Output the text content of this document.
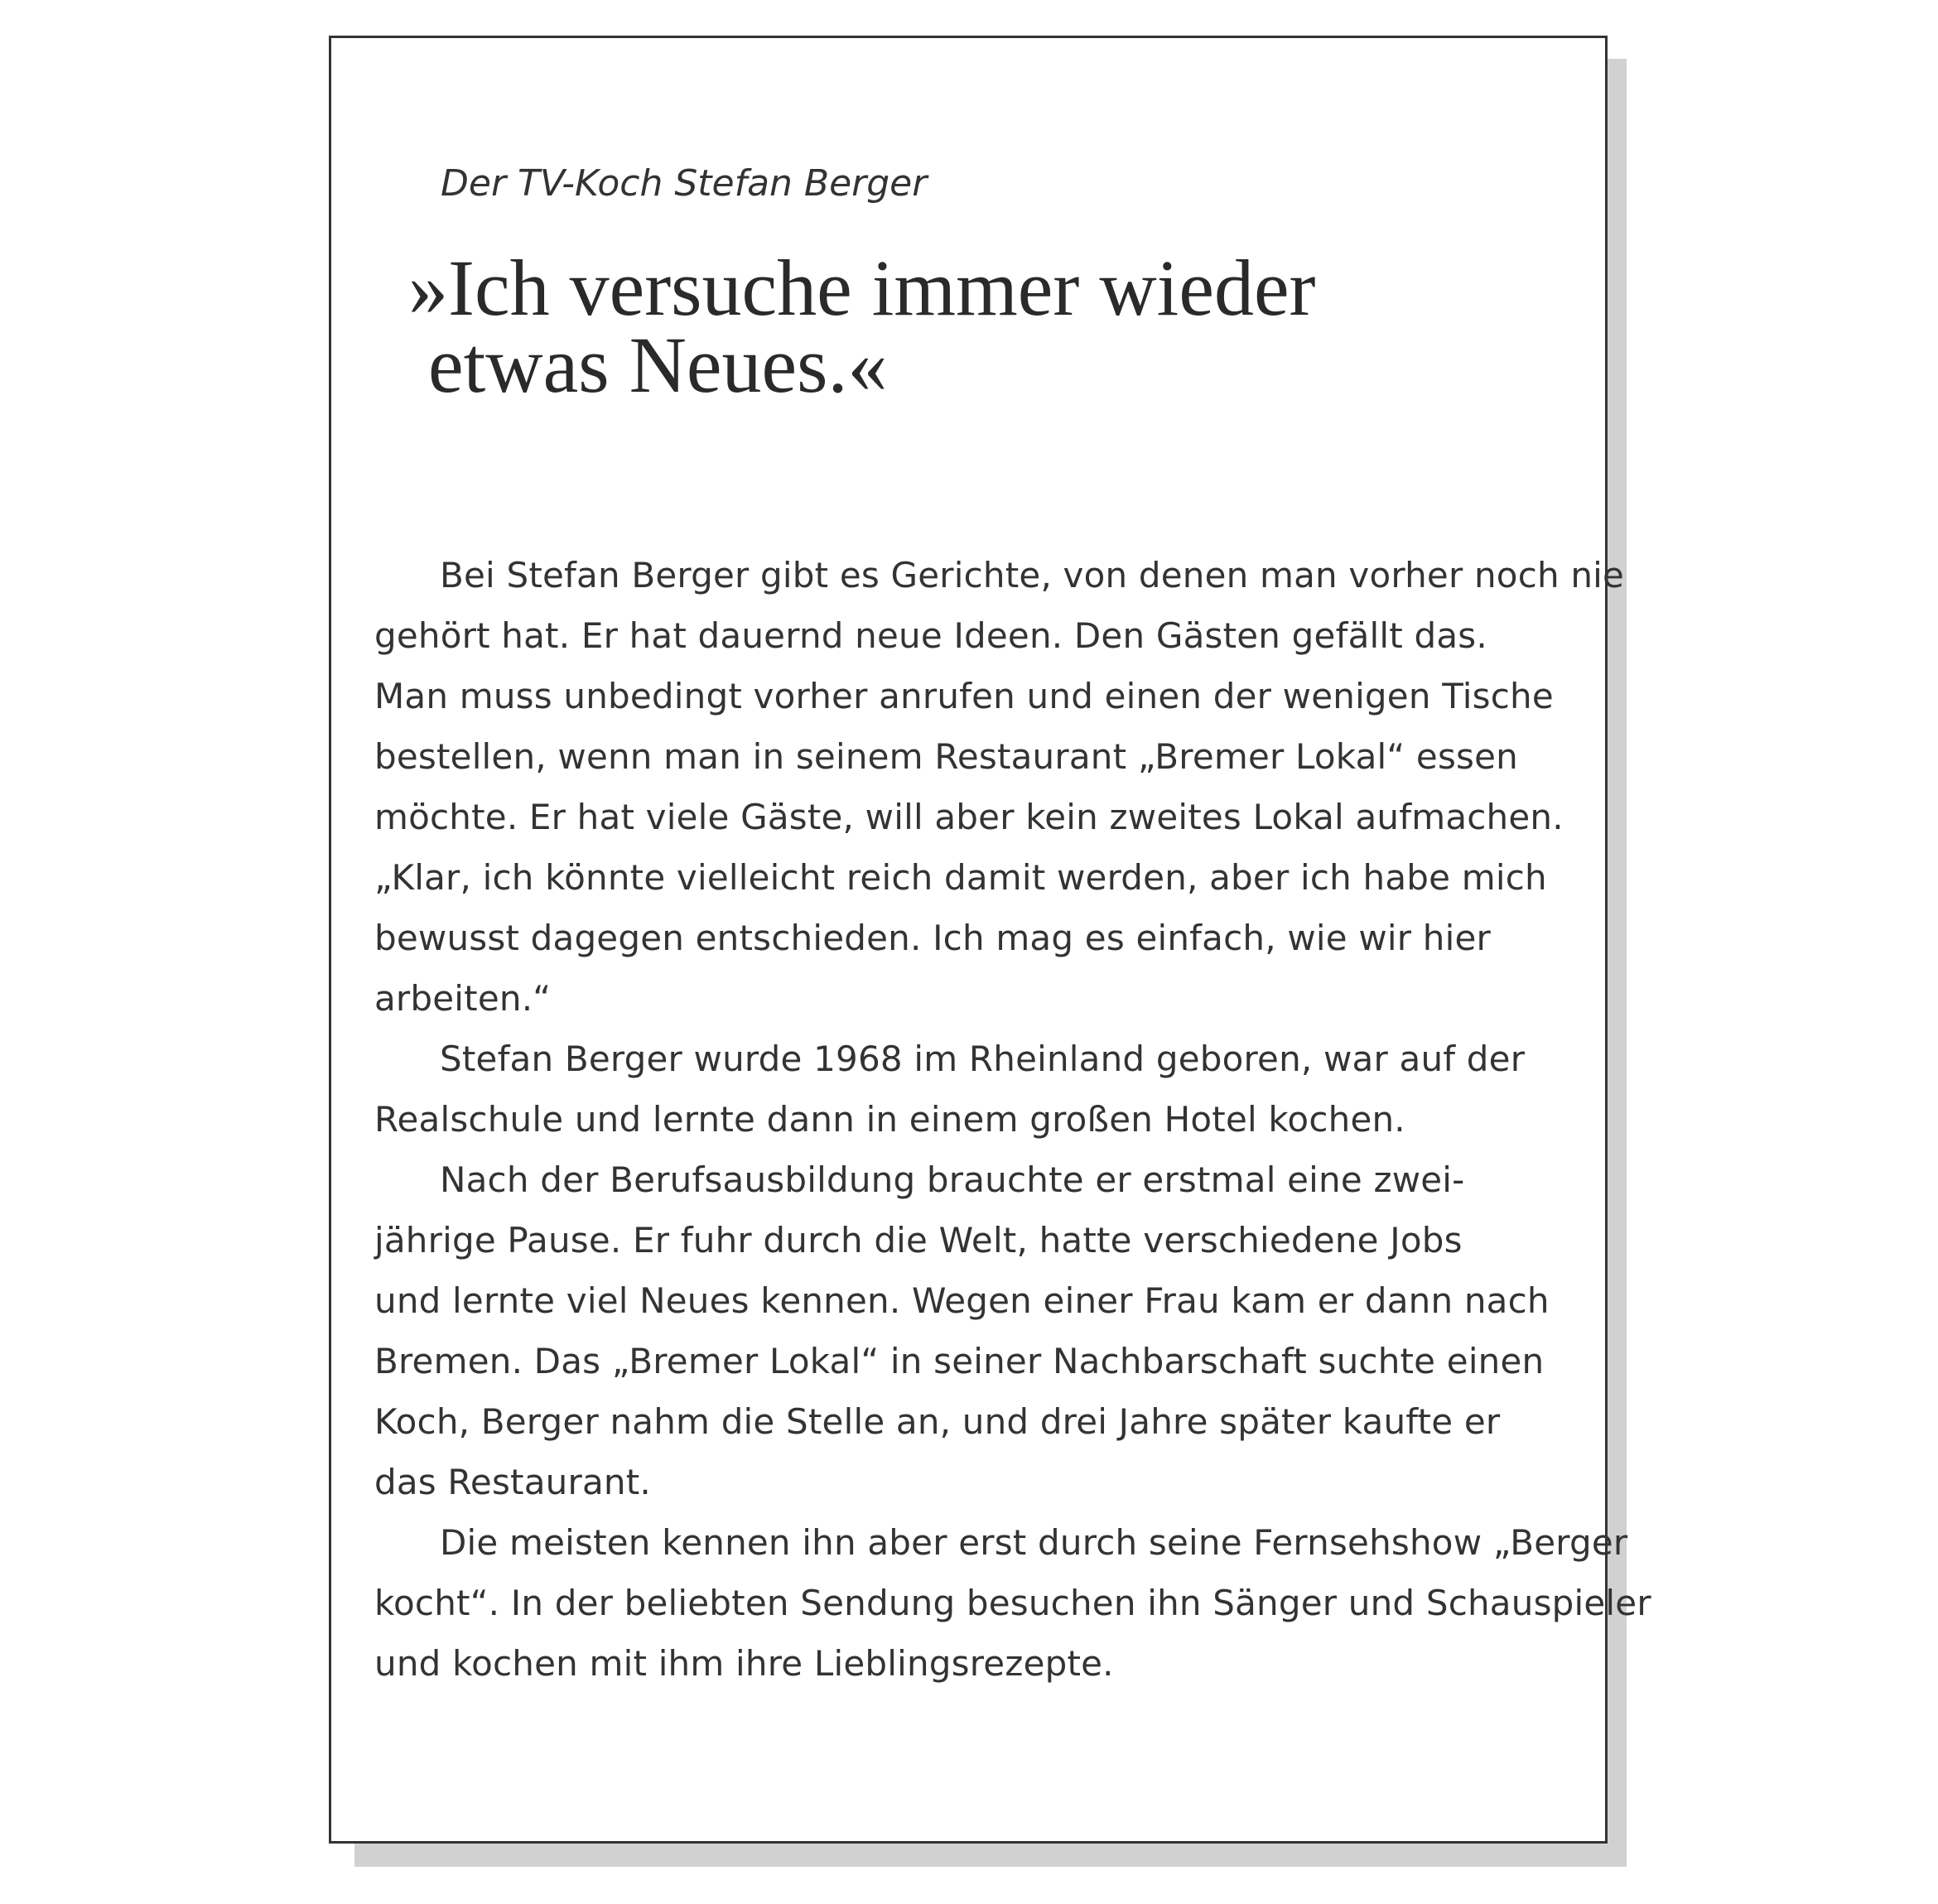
Der TV-Koch Stefan Berger

»Ich versuche immer wieder
etwas Neues.«
Bei Stefan Berger gibt es Gerichte, von denen man vorher noch nie
gehört hat. Er hat dauernd neue Ideen. Den Gästen gefällt das.
Man muss unbedingt vorher anrufen und einen der wenigen Tische
bestellen, wenn man in seinem Restaurant „Bremer Lokal“ essen
möchte. Er hat viele Gäste, will aber kein zweites Lokal aufmachen.
„Klar, ich könnte vielleicht reich damit werden, aber ich habe mich
bewusst dagegen entschieden. Ich mag es einfach, wie wir hier
arbeiten.“
Stefan Berger wurde 1968 im Rheinland geboren, war auf der
Realschule und lernte dann in einem großen Hotel kochen.
Nach der Berufsausbildung brauchte er erstmal eine zwei-
jährige Pause. Er fuhr durch die Welt, hatte verschiedene Jobs
und lernte viel Neues kennen. Wegen einer Frau kam er dann nach
Bremen. Das „Bremer Lokal“ in seiner Nachbarschaft suchte einen
Koch, Berger nahm die Stelle an, und drei Jahre später kaufte er
das Restaurant.
Die meisten kennen ihn aber erst durch seine Fernsehshow „Berger
kocht“. In der beliebten Sendung besuchen ihn Sänger und Schauspieler
und kochen mit ihm ihre Lieblingsrezepte.
